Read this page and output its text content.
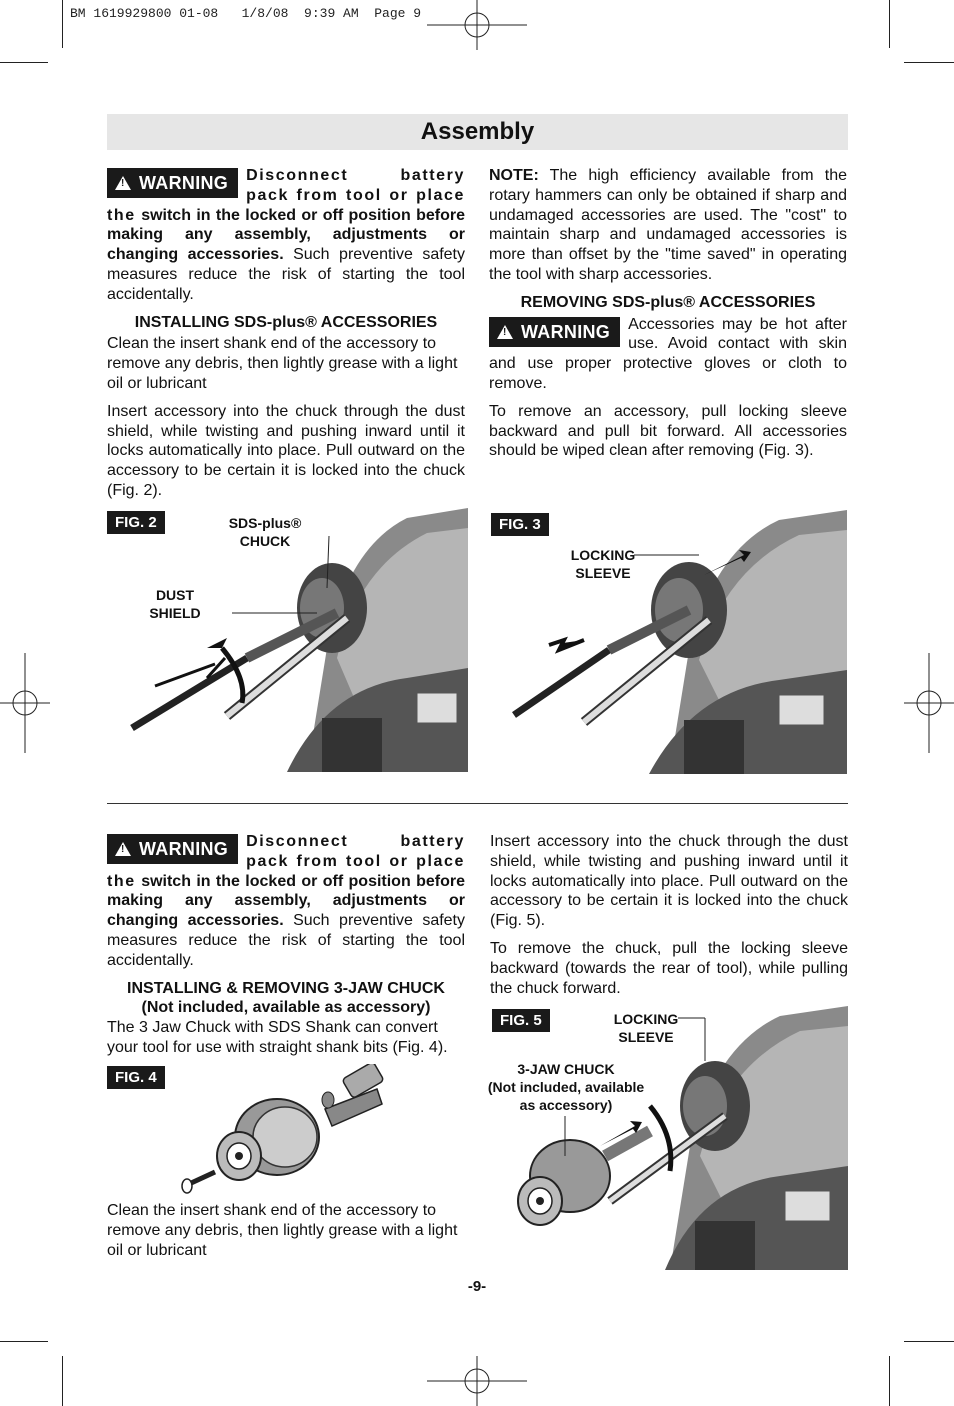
BM 1619929800 01-08   1/8/08  9:39 AM  Page 9
Assembly

!WARNING	Disconnect battery pack from tool or place the switch in the locked or off position before making any assembly, adjustments or changing accessories. Such preventive safety measures reduce the risk of starting the tool accidentally.

INSTALLING SDS-plus® ACCESSORIES

Clean the insert shank end of the accessory to remove any debris, then lightly grease with a light oil or lubricant

Insert accessory into the chuck through the dust shield, while twisting and pushing inward until it locks automatically into place. Pull outward on the accessory to be certain it is locked into the chuck (Fig. 2).

NOTE: The high efficiency available from the rotary hammers can only be obtained if sharp and undamaged accessories are used. The "cost" to maintain sharp and undamaged accessories is more than offset by the "time saved" in operating the tool with sharp accessories.

REMOVING SDS-plus® ACCESSORIES

!WARNING	Accessories may be hot after use. Avoid contact with skin and use proper protective gloves or cloth to remove.

To remove an accessory, pull locking sleeve backward and pull bit forward. All accessories should be wiped clean after removing (Fig. 3).

FIG. 2	SDS-plus®
CHUCK
DUST
SHIELD
FIG. 3
LOCKING
SLEEVE

!WARNING	Disconnect battery pack from tool or place the switch in the locked or off position before making any assembly, adjustments or changing accessories. Such preventive safety measures reduce the risk of starting the tool accidentally.

INSTALLING & REMOVING 3-JAW CHUCK
(Not included, available as accessory)

The 3 Jaw Chuck with SDS Shank can convert your tool for use with straight shank bits (Fig. 4).

FIG. 4

Clean the insert shank end of the accessory to remove any debris, then lightly grease with a light oil or lubricant

Insert accessory into the chuck through the dust shield, while twisting and pushing inward until it locks automatically into place. Pull outward on the accessory to be certain it is locked into the chuck (Fig. 5).

To remove the chuck, pull the locking sleeve backward (towards the rear of tool), while pulling the chuck forward.

FIG. 5	LOCKING
SLEEVE
3-JAW CHUCK
(Not included, available
as accessory)
-9-
